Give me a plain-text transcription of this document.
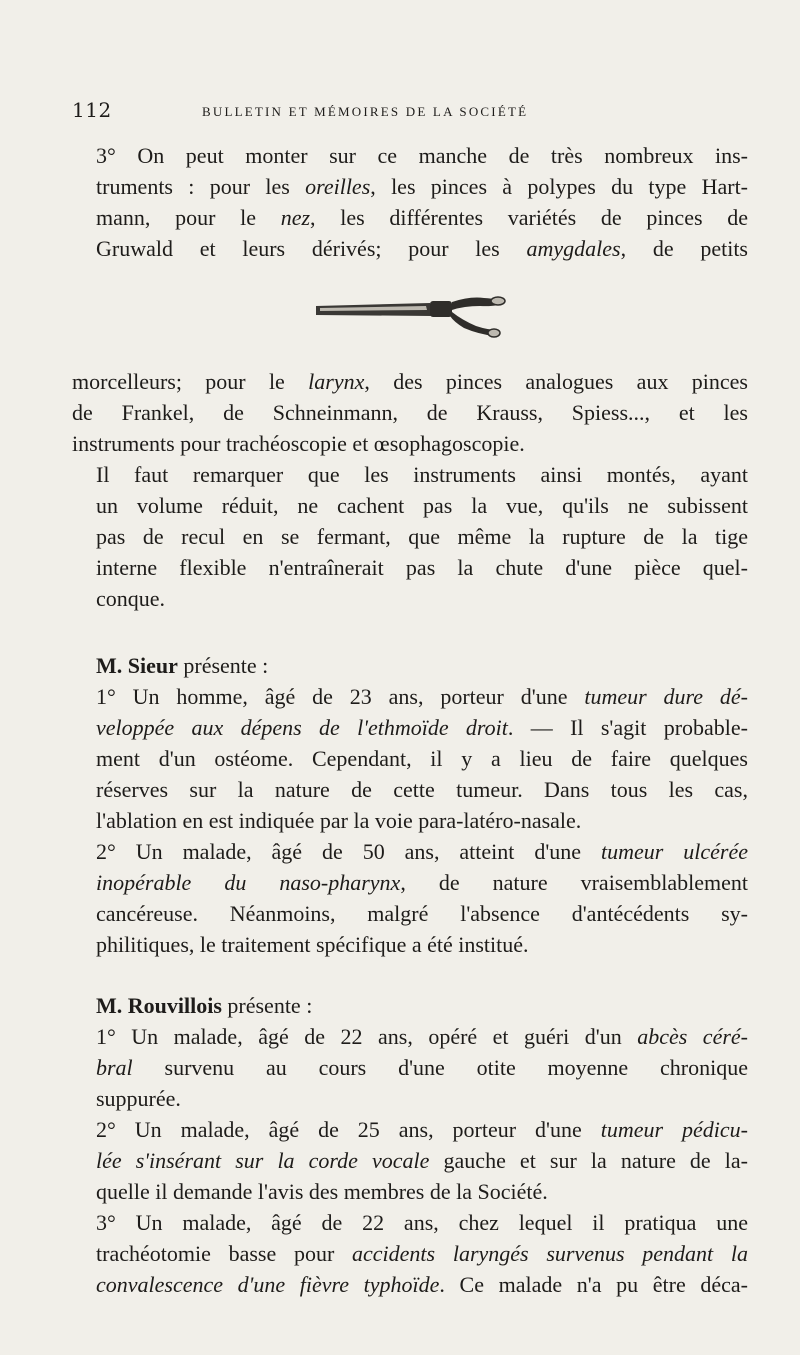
112	BULLETIN ET MÉMOIRES DE LA SOCIÉTÉ

3° On peut monter sur ce manche de très nombreux ins-
truments : pour les oreilles, les pinces à polypes du type Hart-
mann, pour le nez, les différentes variétés de pinces de
Gruwald et leurs dérivés; pour les amygdales, de petits

morcelleurs; pour le larynx, des pinces analogues aux pinces
de Frankel, de Schneinmann, de Krauss, Spiess..., et les
instruments pour trachéoscopie et œsophagoscopie.

Il faut remarquer que les instruments ainsi montés, ayant
un volume réduit, ne cachent pas la vue, qu'ils ne subissent
pas de recul en se fermant, que même la rupture de la tige
interne flexible n'entraînerait pas la chute d'une pièce quel-
conque.

M. Sieur présente :

1° Un homme, âgé de 23 ans, porteur d'une tumeur dure dé-
veloppée aux dépens de l'ethmoïde droit. — Il s'agit probable-
ment d'un ostéome. Cependant, il y a lieu de faire quelques
réserves sur la nature de cette tumeur. Dans tous les cas,
l'ablation en est indiquée par la voie para-latéro-nasale.

2° Un malade, âgé de 50 ans, atteint d'une tumeur ulcérée
inopérable du naso-pharynx, de nature vraisemblablement
cancéreuse. Néanmoins, malgré l'absence d'antécédents sy-
philitiques, le traitement spécifique a été institué.

M. Rouvillois présente :

1° Un malade, âgé de 22 ans, opéré et guéri d'un abcès céré-
bral survenu au cours d'une otite moyenne chronique
suppurée.

2° Un malade, âgé de 25 ans, porteur d'une tumeur pédicu-
lée s'insérant sur la corde vocale gauche et sur la nature de la-
quelle il demande l'avis des membres de la Société.

3° Un malade, âgé de 22 ans, chez lequel il pratiqua une
trachéotomie basse pour accidents laryngés survenus pendant la
convalescence d'une fièvre typhoïde. Ce malade n'a pu être déca-
